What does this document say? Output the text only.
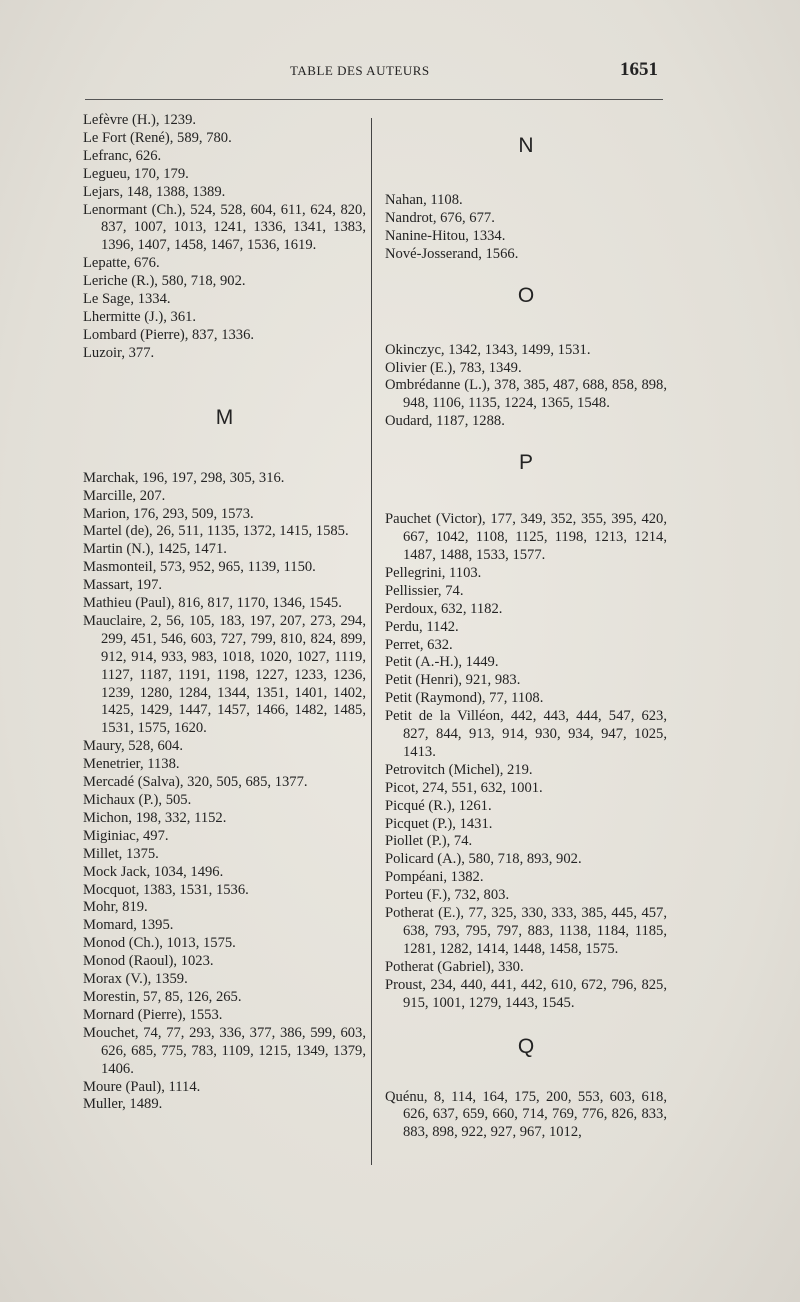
TABLE DES AUTEURS	1651
Lefèvre (H.), 1239.
Le Fort (René), 589, 780.
Lefranc, 626.
Legueu, 170, 179.
Lejars, 148, 1388, 1389.
Lenormant (Ch.), 524, 528, 604, 611, 624, 820, 837, 1007, 1013, 1241, 1336, 1341, 1383, 1396, 1407, 1458, 1467, 1536, 1619.
Lepatte, 676.
Leriche (R.), 580, 718, 902.
Le Sage, 1334.
Lhermitte (J.), 361.
Lombard (Pierre), 837, 1336.
Luzoir, 377.
M
Marchak, 196, 197, 298, 305, 316.
Marcille, 207.
Marion, 176, 293, 509, 1573.
Martel (de), 26, 511, 1135, 1372, 1415, 1585.
Martin (N.), 1425, 1471.
Masmonteil, 573, 952, 965, 1139, 1150.
Massart, 197.
Mathieu (Paul), 816, 817, 1170, 1346, 1545.
Mauclaire, 2, 56, 105, 183, 197, 207, 273, 294, 299, 451, 546, 603, 727, 799, 810, 824, 899, 912, 914, 933, 983, 1018, 1020, 1027, 1119, 1127, 1187, 1191, 1198, 1227, 1233, 1236, 1239, 1280, 1284, 1344, 1351, 1401, 1402, 1425, 1429, 1447, 1457, 1466, 1482, 1485, 1531, 1575, 1620.
Maury, 528, 604.
Menetrier, 1138.
Mercadé (Salva), 320, 505, 685, 1377.
Michaux (P.), 505.
Michon, 198, 332, 1152.
Miginiac, 497.
Millet, 1375.
Mock Jack, 1034, 1496.
Mocquot, 1383, 1531, 1536.
Mohr, 819.
Momard, 1395.
Monod (Ch.), 1013, 1575.
Monod (Raoul), 1023.
Morax (V.), 1359.
Morestin, 57, 85, 126, 265.
Mornard (Pierre), 1553.
Mouchet, 74, 77, 293, 336, 377, 386, 599, 603, 626, 685, 775, 783, 1109, 1215, 1349, 1379, 1406.
Moure (Paul), 1114.
Muller, 1489.
N
Nahan, 1108.
Nandrot, 676, 677.
Nanine-Hitou, 1334.
Nové-Josserand, 1566.
O
Okinczyc, 1342, 1343, 1499, 1531.
Olivier (E.), 783, 1349.
Ombrédanne (L.), 378, 385, 487, 688, 858, 898, 948, 1106, 1135, 1224, 1365, 1548.
Oudard, 1187, 1288.
P
Pauchet (Victor), 177, 349, 352, 355, 395, 420, 667, 1042, 1108, 1125, 1198, 1213, 1214, 1487, 1488, 1533, 1577.
Pellegrini, 1103.
Pellissier, 74.
Perdoux, 632, 1182.
Perdu, 1142.
Perret, 632.
Petit (A.-H.), 1449.
Petit (Henri), 921, 983.
Petit (Raymond), 77, 1108.
Petit de la Villéon, 442, 443, 444, 547, 623, 827, 844, 913, 914, 930, 934, 947, 1025, 1413.
Petrovitch (Michel), 219.
Picot, 274, 551, 632, 1001.
Picqué (R.), 1261.
Picquet (P.), 1431.
Piollet (P.), 74.
Policard (A.), 580, 718, 893, 902.
Pompéani, 1382.
Porteu (F.), 732, 803.
Potherat (E.), 77, 325, 330, 333, 385, 445, 457, 638, 793, 795, 797, 883, 1138, 1184, 1185, 1281, 1282, 1414, 1448, 1458, 1575.
Potherat (Gabriel), 330.
Proust, 234, 440, 441, 442, 610, 672, 796, 825, 915, 1001, 1279, 1443, 1545.
Q
Quénu, 8, 114, 164, 175, 200, 553, 603, 618, 626, 637, 659, 660, 714, 769, 776, 826, 833, 883, 898, 922, 927, 967, 1012,
